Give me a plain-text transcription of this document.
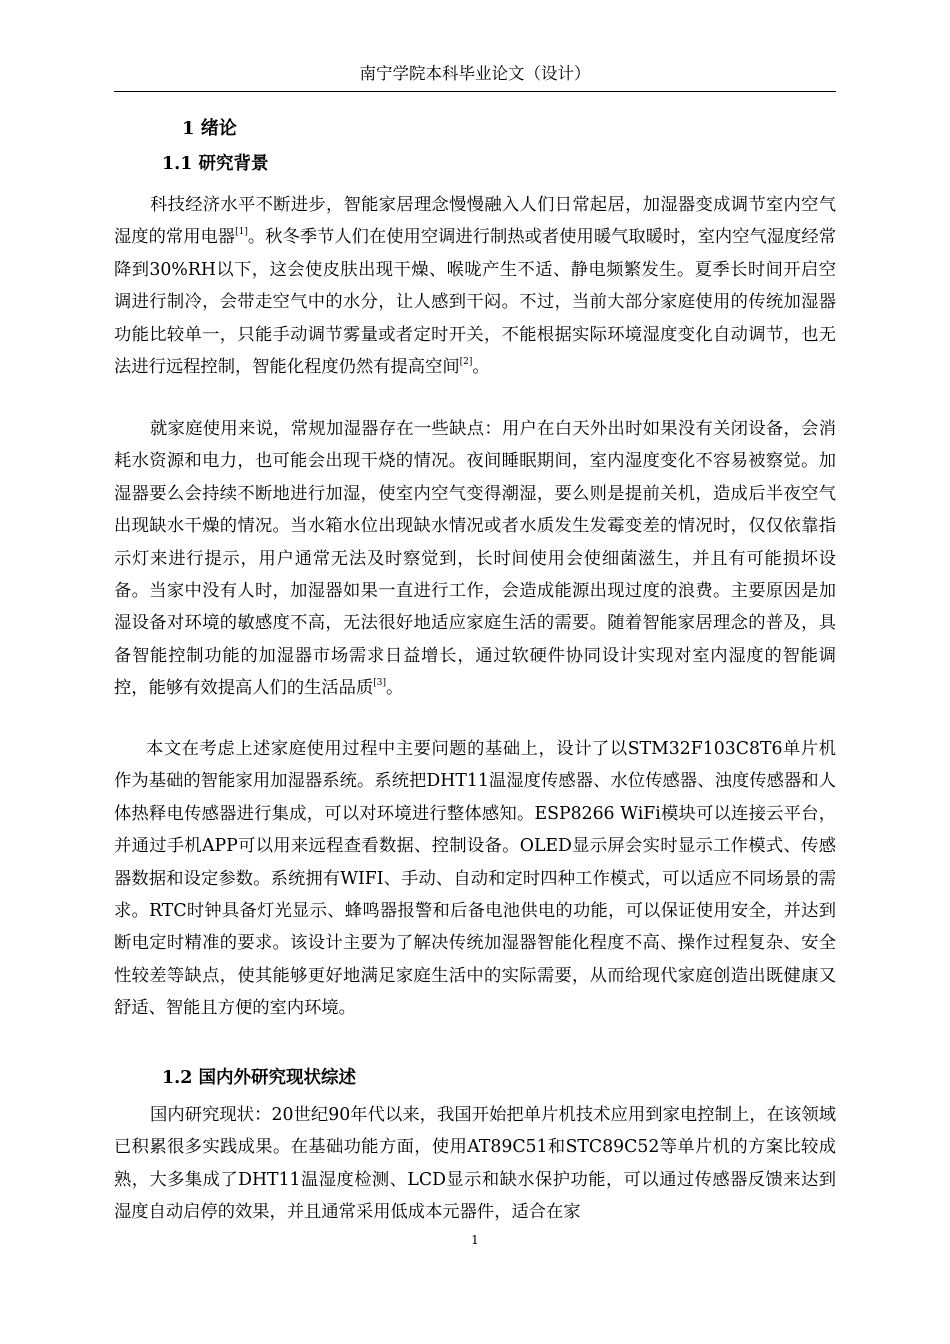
南宁学院本科毕业论文（设计）
1 绪论
1.1 研究背景

科技经济水平不断进步，智能家居理念慢慢融入人们日常起居，加湿器变成调节室内空气湿度的常用电器[1]。秋冬季节人们在使用空调进行制热或者使用暖气取暖时，室内空气湿度经常降到30%RH以下，这会使皮肤出现干燥、喉咙产生不适、静电频繁发生。夏季长时间开启空调进行制冷，会带走空气中的水分，让人感到干闷。不过，当前大部分家庭使用的传统加湿器功能比较单一，只能手动调节雾量或者定时开关，不能根据实际环境湿度变化自动调节，也无法进行远程控制，智能化程度仍然有提高空间[2]。

就家庭使用来说，常规加湿器存在一些缺点：用户在白天外出时如果没有关闭设备，会消耗水资源和电力，也可能会出现干烧的情况。夜间睡眠期间，室内湿度变化不容易被察觉。加湿器要么会持续不断地进行加湿，使室内空气变得潮湿，要么则是提前关机，造成后半夜空气出现缺水干燥的情况。当水箱水位出现缺水情况或者水质发生发霉变差的情况时，仅仅依靠指示灯来进行提示，用户通常无法及时察觉到，长时间使用会使细菌滋生，并且有可能损坏设备。当家中没有人时，加湿器如果一直进行工作，会造成能源出现过度的浪费。主要原因是加湿设备对环境的敏感度不高，无法很好地适应家庭生活的需要。随着智能家居理念的普及，具备智能控制功能的加湿器市场需求日益增长，通过软硬件协同设计实现对室内湿度的智能调控，能够有效提高人们的生活品质[3]。

本文在考虑上述家庭使用过程中主要问题的基础上，设计了以STM32F103C8T6单片机作为基础的智能家用加湿器系统。系统把DHT11温湿度传感器、水位传感器、浊度传感器和人体热释电传感器进行集成，可以对环境进行整体感知。ESP8266 WiFi模块可以连接云平台，并通过手机APP可以用来远程查看数据、控制设备。OLED显示屏会实时显示工作模式、传感器数据和设定参数。系统拥有WIFI、手动、自动和定时四种工作模式，可以适应不同场景的需求。RTC时钟具备灯光显示、蜂鸣器报警和后备电池供电的功能，可以保证使用安全，并达到断电定时精准的要求。该设计主要为了解决传统加湿器智能化程度不高、操作过程复杂、安全性较差等缺点，使其能够更好地满足家庭生活中的实际需要，从而给现代家庭创造出既健康又舒适、智能且方便的室内环境。

1.2 国内外研究现状综述

国内研究现状：20世纪90年代以来，我国开始把单片机技术应用到家电控制上，在该领域已积累很多实践成果。在基础功能方面，使用AT89C51和STC89C52等单片机的方案比较成熟，大多集成了DHT11温湿度检测、LCD显示和缺水保护功能，可以通过传感器反馈来达到湿度自动启停的效果，并且通常采用低成本元器件，适合在家

1
